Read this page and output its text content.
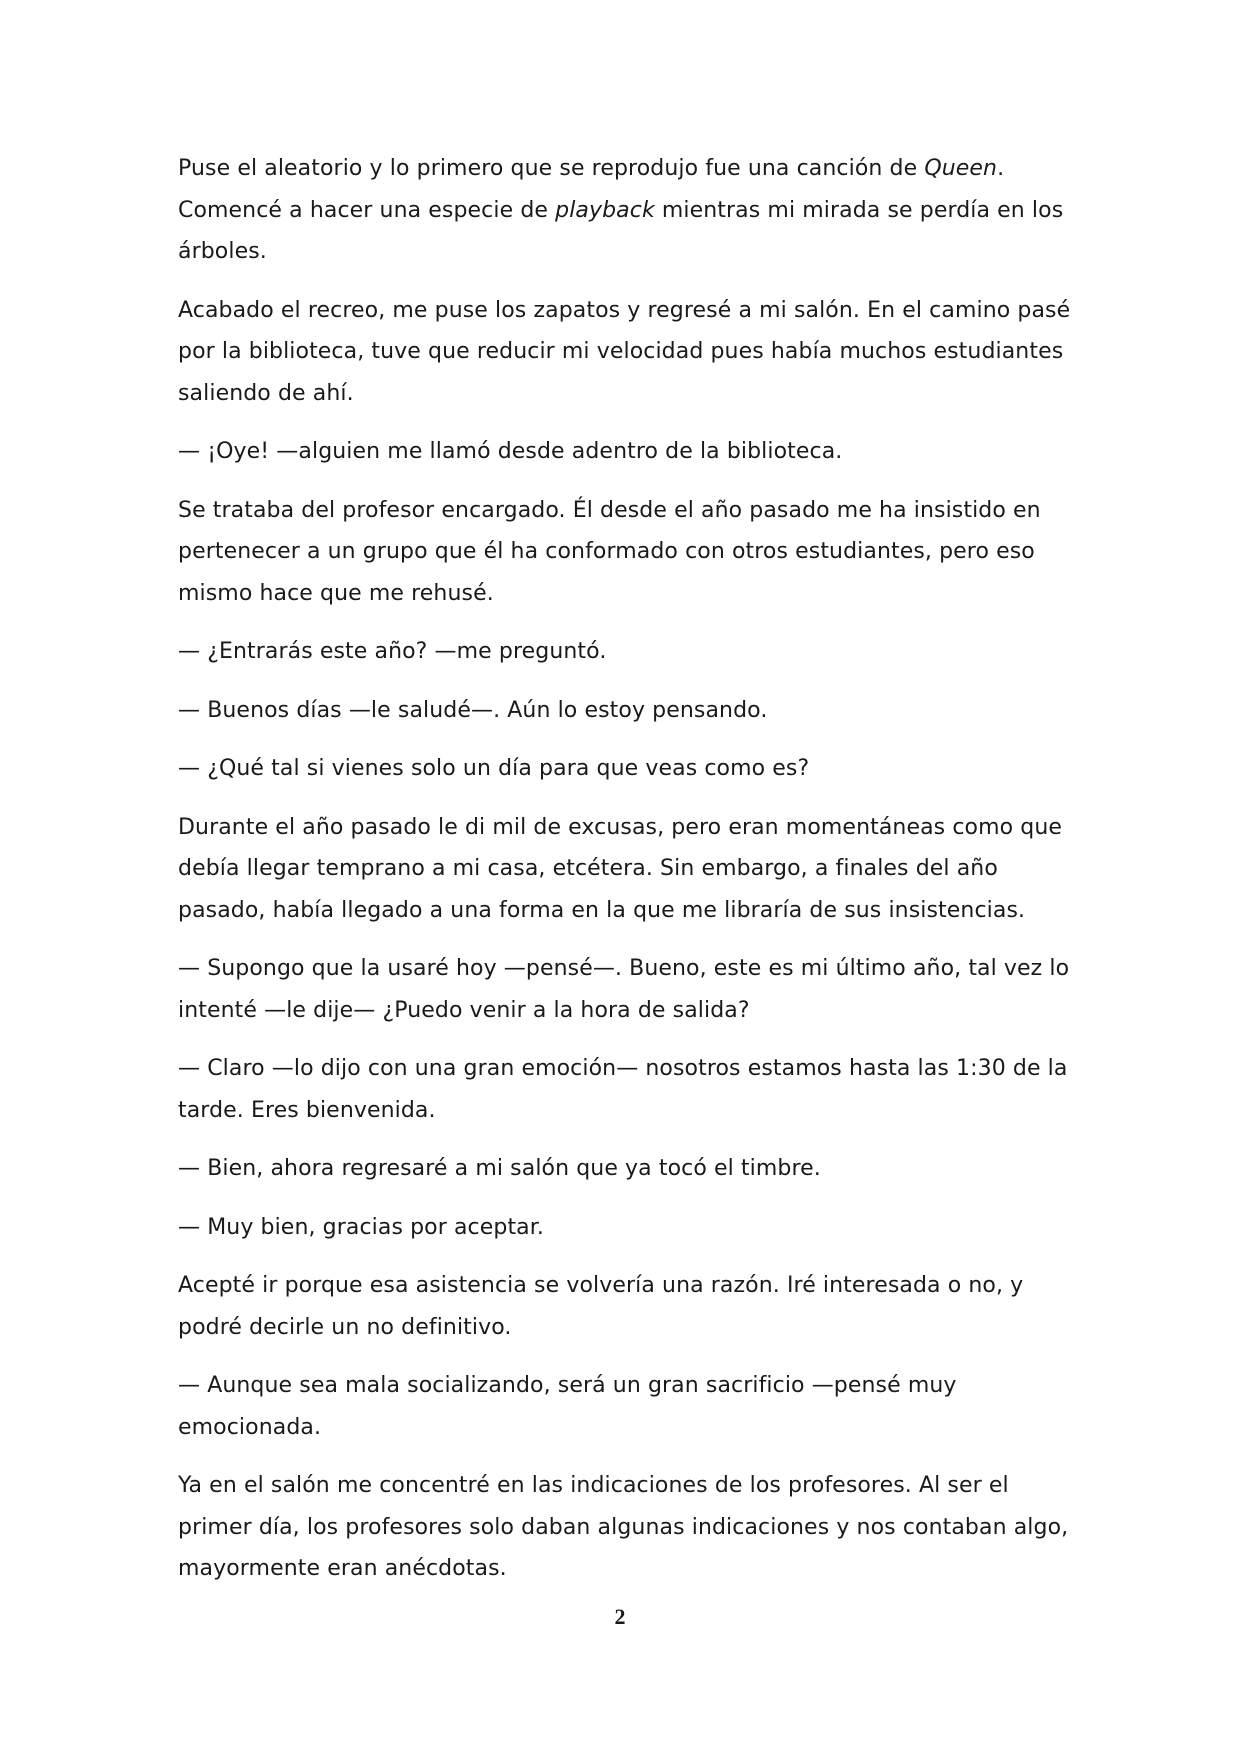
Puse el aleatorio y lo primero que se reprodujo fue una canción de Queen. Comencé a hacer una especie de playback mientras mi mirada se perdía en los árboles.

Acabado el recreo, me puse los zapatos y regresé a mi salón. En el camino pasé por la biblioteca, tuve que reducir mi velocidad pues había muchos estudiantes saliendo de ahí.

— ¡Oye! —alguien me llamó desde adentro de la biblioteca.

Se trataba del profesor encargado. Él desde el año pasado me ha insistido en pertenecer a un grupo que él ha conformado con otros estudiantes, pero eso mismo hace que me rehusé.

— ¿Entrarás este año? —me preguntó.

— Buenos días —le saludé—. Aún lo estoy pensando.

— ¿Qué tal si vienes solo un día para que veas como es?

Durante el año pasado le di mil de excusas, pero eran momentáneas como que debía llegar temprano a mi casa, etcétera. Sin embargo, a finales del año pasado, había llegado a una forma en la que me libraría de sus insistencias.

— Supongo que la usaré hoy —pensé—. Bueno, este es mi último año, tal vez lo intenté —le dije— ¿Puedo venir a la hora de salida?

— Claro —lo dijo con una gran emoción— nosotros estamos hasta las 1:30 de la tarde. Eres bienvenida.

— Bien, ahora regresaré a mi salón que ya tocó el timbre.

— Muy bien, gracias por aceptar.

Acepté ir porque esa asistencia se volvería una razón. Iré interesada o no, y podré decirle un no definitivo.

— Aunque sea mala socializando, será un gran sacrificio —pensé muy emocionada.

Ya en el salón me concentré en las indicaciones de los profesores. Al ser el primer día, los profesores solo daban algunas indicaciones y nos contaban algo, mayormente eran anécdotas.

2
